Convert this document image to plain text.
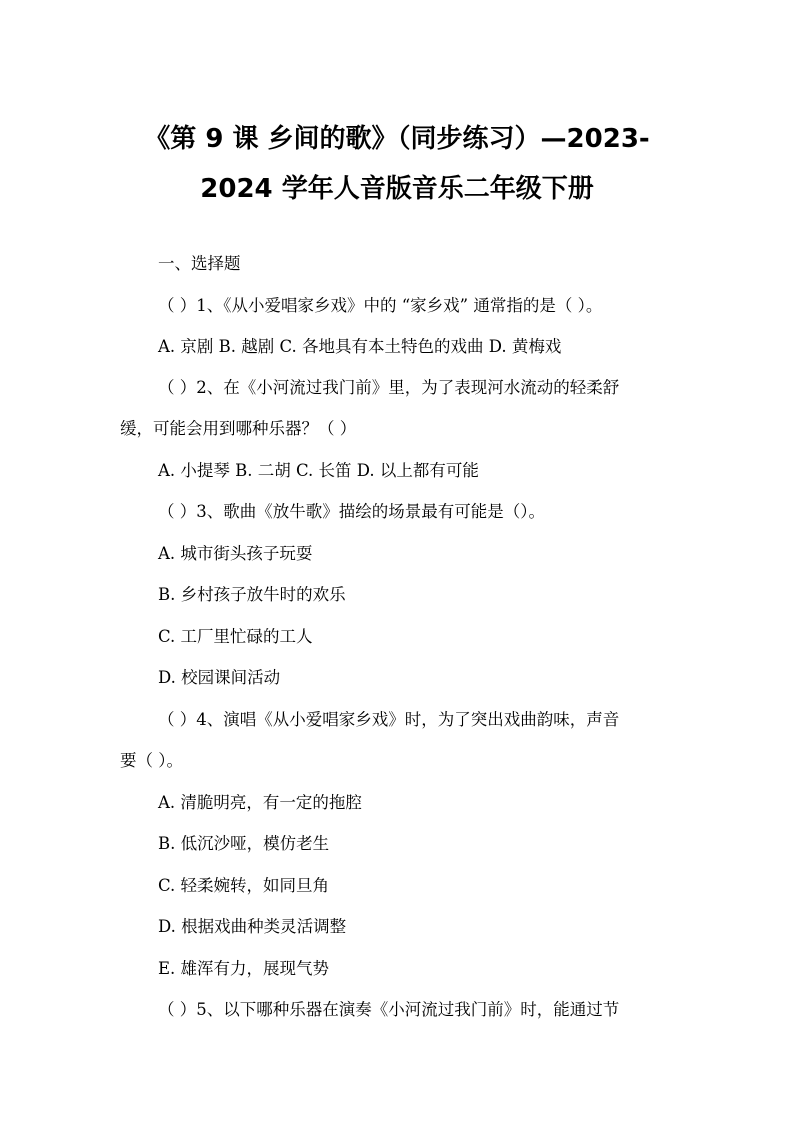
《第 9 课 乡间的歌》（同步练习）—2023-
2024 学年人音版音乐二年级下册
一、选择题
（ ）1、《从小爱唱家乡戏》中的 “家乡戏” 通常指的是（ ）。
A. 京剧 B. 越剧 C. 各地具有本土特色的戏曲 D. 黄梅戏
（ ）2、在《小河流过我门前》里，为了表现河水流动的轻柔舒
缓，可能会用到哪种乐器？（ ）
A. 小提琴 B. 二胡 C. 长笛 D. 以上都有可能
（ ）3、歌曲《放牛歌》描绘的场景最有可能是（）。
A. 城市街头孩子玩耍
B. 乡村孩子放牛时的欢乐
C. 工厂里忙碌的工人
D. 校园课间活动
（ ）4、演唱《从小爱唱家乡戏》时，为了突出戏曲韵味，声音
要（ ）。
A. 清脆明亮，有一定的拖腔
B. 低沉沙哑，模仿老生
C. 轻柔婉转，如同旦角
D. 根据戏曲种类灵活调整
E. 雄浑有力，展现气势
（ ）5、以下哪种乐器在演奏《小河流过我门前》时，能通过节
